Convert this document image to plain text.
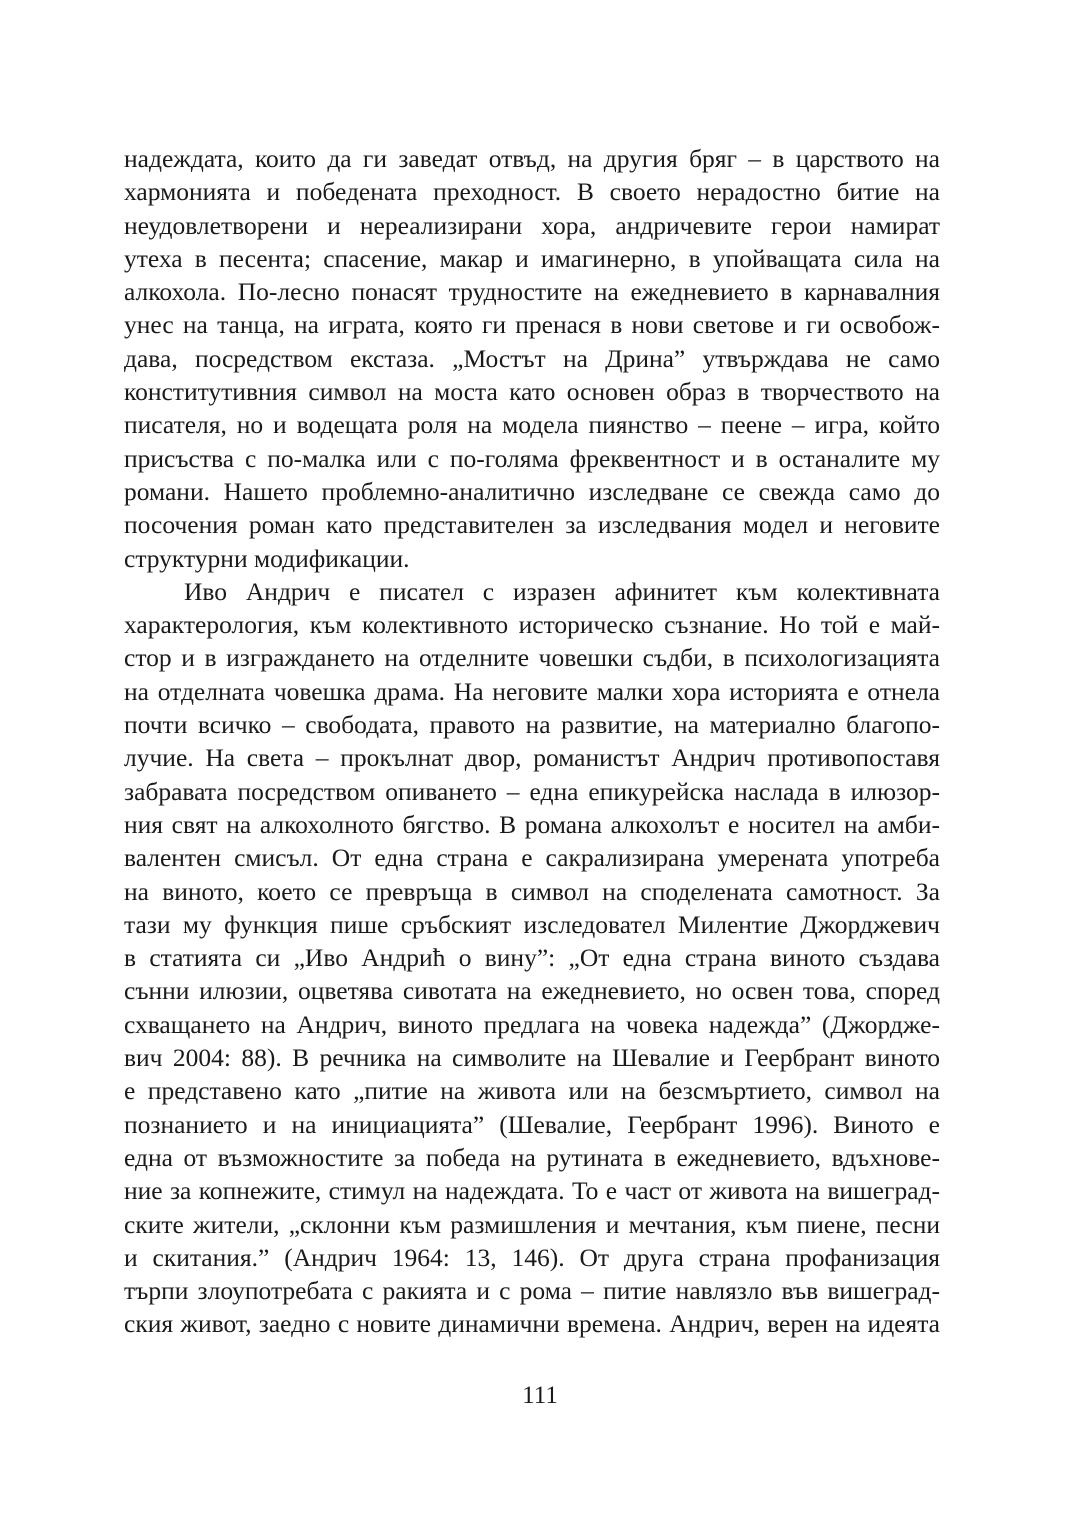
надеждата, които да ги заведат отвъд, на другия бряг – в царството на
хармонията и победената преходност. В своето нерадостно битие на
неудовлетворени и нереализирани хора, андричевите герои намират
утеха в песента; спасение, макар и имагинерно, в упойващата сила на
алкохола. По-лесно понасят трудностите на ежедневието в карнавалния
унес на танца, на играта, която ги пренася в нови светове и ги освобож-
дава, посредством екстаза. „Мостът на Дрина” утвърждава не само
конститутивния символ на моста като основен образ в творчеството на
писателя, но и водещата роля на модела пиянство – пеене – игра, който
присъства с по-малка или с по-голяма фреквентност и в останалите му
романи. Нашето проблемно-аналитично изследване се свежда само до
посочения роман като представителен за изследвания модел и неговите
структурни модификации.
Иво Андрич е писател с изразен афинитет към колективната
характерология, към колективното историческо съзнание. Но той е май-
стор и в изграждането на отделните човешки съдби, в психологизацията
на отделната човешка драма. На неговите малки хора историята е отнела
почти всичко – свободата, правото на развитие, на материално благопо-
лучие. На света – прокълнат двор, романистът Андрич противопоставя
забравата посредством опиването – една епикурейска наслада в илюзор-
ния свят на алкохолното бягство. В романа алкохолът е носител на амби-
валентен смисъл. От една страна е сакрализирана умерената употреба
на виното, което се превръща в символ на споделената самотност. За
тази му функция пише сръбският изследовател Милентие Джорджевич
в статията си „Иво Андрић о вину”: „От една страна виното създава
сънни илюзии, оцветява сивотата на ежедневието, но освен това, според
схващането на Андрич, виното предлага на човека надежда” (Джордже-
вич 2004: 88). В речника на символите на Шевалие и Геербрант виното
е представено като „питие на живота или на безсмъртието, символ на
познанието и на инициацията” (Шевалие, Геербрант 1996). Виното е
една от възможностите за победа на рутината в ежедневието, вдъхнове-
ние за копнежите, стимул на надеждата. То е част от живота на вишеград-
ските жители, „склонни към размишления и мечтания, към пиене, песни
и скитания.” (Андрич 1964: 13, 146). От друга страна профанизация
търпи злоупотребата с ракията и с рома – питие навлязло във вишеград-
ския живот, заедно с новите динамични времена. Андрич, верен на идеята
111
